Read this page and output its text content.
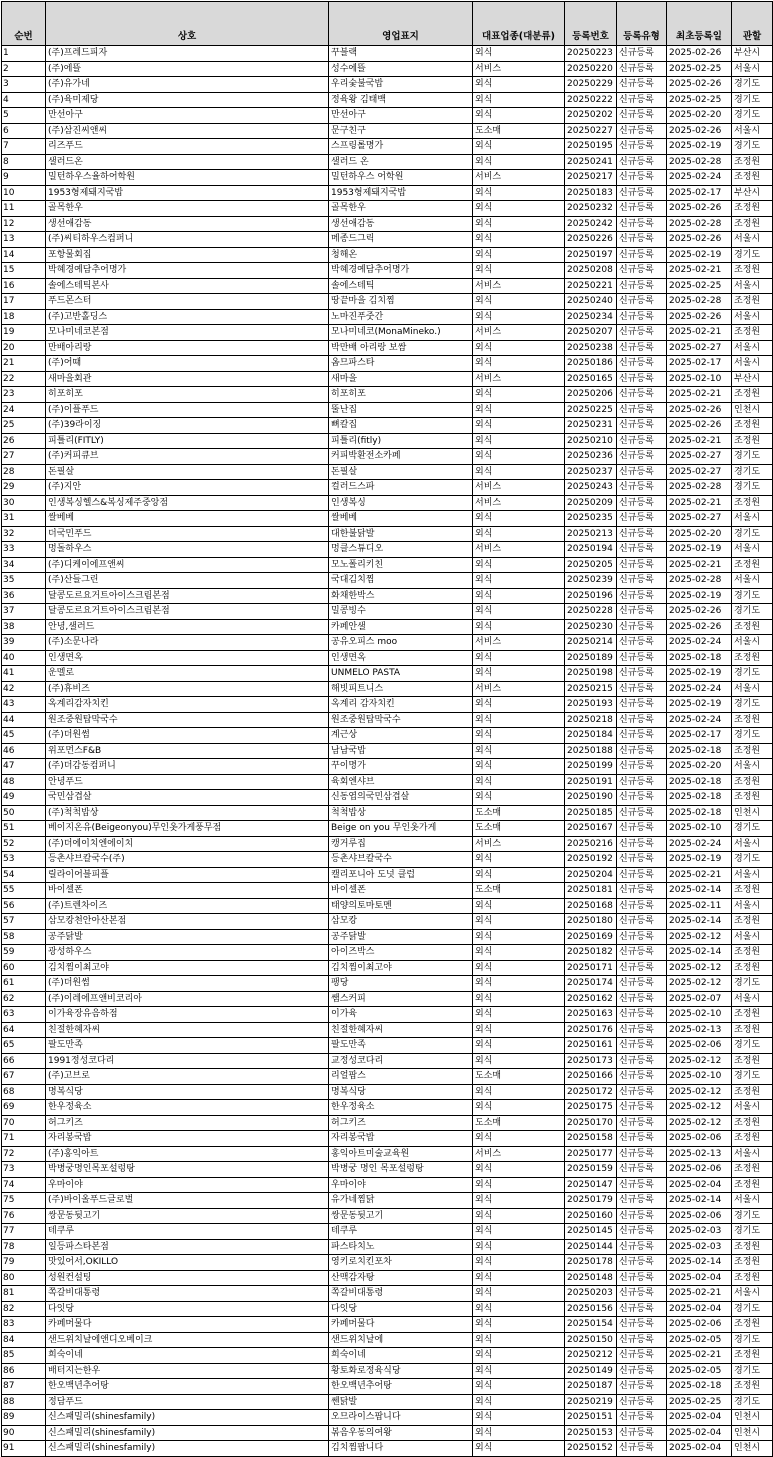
순번	상호	영업표지	대표업종(대분류)	등록번호	등록유형	최초등록일	관할
1	(주)프레드피자	꾸블랙	외식	20250223	신규등록	2025-02-26	부산시
2	(주)에뜰	성수에뜰	서비스	20250220	신규등록	2025-02-25	서울시
3	(주)유가네	우리숯불국밥	외식	20250229	신규등록	2025-02-26	경기도
4	(주)육미제당	정육왕 김태백	외식	20250222	신규등록	2025-02-25	경기도
5	만선아구	만선아구	외식	20250202	신규등록	2025-02-20	경기도
6	(주)삼진씨앤씨	문구친구	도소매	20250227	신규등록	2025-02-26	서울시
7	리즈푸드	스프링롤명가	외식	20250195	신규등록	2025-02-19	경기도
8	샐러드온	샐러드 온	외식	20250241	신규등록	2025-02-28	조정원
9	밀턴하우스율하어학원	밀턴하우스 어학원	서비스	20250217	신규등록	2025-02-24	조정원
10	1953형제돼지국밥	1953형제돼지국밥	외식	20250183	신규등록	2025-02-17	부산시
11	골목한우	골목한우	외식	20250232	신규등록	2025-02-26	조정원
12	생선애감동	생선애감동	외식	20250242	신규등록	2025-02-28	조정원
13	(주)씨티하우스컴퍼니	메종드그릭	외식	20250226	신규등록	2025-02-26	서울시
14	포항물회집	청해온	외식	20250197	신규등록	2025-02-19	경기도
15	박혜경예담추어명가	박혜경예담추어명가	외식	20250208	신규등록	2025-02-21	조정원
16	솔에스테틱본사	솔에스테틱	서비스	20250221	신규등록	2025-02-25	서울시
17	푸드몬스터	땅끝마을 김치찜	외식	20250240	신규등록	2025-02-28	조정원
18	(주)고반홀딩스	노마진푸줏간	외식	20250234	신규등록	2025-02-26	서울시
19	모나미네코본점	모나미네코(MonaMineko.)	서비스	20250207	신규등록	2025-02-21	조정원
20	만배아리랑	박만배 아리랑 보쌈	외식	20250238	신규등록	2025-02-27	서울시
21	(주)어때	옴므파스타	외식	20250186	신규등록	2025-02-17	서울시
22	새마을회관	새마을	서비스	20250165	신규등록	2025-02-10	부산시
23	히포히포	히포히포	외식	20250206	신규등록	2025-02-21	조정원
24	(주)이플푸드	뚤난집	외식	20250225	신규등록	2025-02-26	인천시
25	(주)39라이징	뼈칼집	외식	20250231	신규등록	2025-02-26	조정원
26	피틀리(FITLY)	피틀리(fitly)	외식	20250210	신규등록	2025-02-21	조정원
27	(주)커피큐브	커피박환전소카페	외식	20250236	신규등록	2025-02-27	경기도
28	돈필살	돈필살	외식	20250237	신규등록	2025-02-27	경기도
29	(주)지안	컬러드스파	서비스	20250243	신규등록	2025-02-28	경기도
30	인생복싱헬스&복싱제주중앙점	인생복싱	서비스	20250209	신규등록	2025-02-21	조정원
31	쌀베베	쌀베베	외식	20250235	신규등록	2025-02-27	서울시
32	더국민푸드	대한불닭발	외식	20250213	신규등록	2025-02-20	경기도
33	멍돌하우스	멍클스튜디오	서비스	20250194	신규등록	2025-02-19	서울시
34	(주)디케이에프앤씨	모노폴리키친	외식	20250205	신규등록	2025-02-21	조정원
35	(주)산들그린	국대김치찜	외식	20250239	신규등록	2025-02-28	서울시
36	달콩도르요거트아이스크림본점	화채한박스	외식	20250196	신규등록	2025-02-19	경기도
37	달콩도르요거트아이스크림본점	밀콩빙수	외식	20250228	신규등록	2025-02-26	경기도
38	안녕,샐러드	카페안샐	외식	20250230	신규등록	2025-02-26	조정원
39	(주)소문나라	공유오피스 moo	서비스	20250214	신규등록	2025-02-24	서울시
40	인생면옥	인생면옥	외식	20250189	신규등록	2025-02-18	조정원
41	운멜로	UNMELO PASTA	외식	20250198	신규등록	2025-02-19	경기도
42	(주)휴비즈	해빗피트니스	서비스	20250215	신규등록	2025-02-24	서울시
43	옥계리감자치킨	옥계리 감자치킨	외식	20250193	신규등록	2025-02-19	경기도
44	원조중원탑막국수	원조중원탑막국수	외식	20250218	신규등록	2025-02-24	조정원
45	(주)더원썸	계근상	외식	20250184	신규등록	2025-02-17	경기도
46	위포먼스F&B	남남국밥	외식	20250188	신규등록	2025-02-18	조정원
47	(주)더감동컴퍼니	꾸이명가	외식	20250199	신규등록	2025-02-20	서울시
48	안녕푸드	육회엔샤브	외식	20250191	신규등록	2025-02-18	조정원
49	국민삼겹살	신동엽의국민삼겹살	외식	20250190	신규등록	2025-02-18	조정원
50	(주)척척밥상	척척밥상	도소매	20250185	신규등록	2025-02-18	인천시
51	베이지온유(Beigeonyou)무인옷가게풍무점	Beige on you 무인옷가게	도소매	20250167	신규등록	2025-02-10	경기도
52	(주)더에이치엔에이치	캥거루집	서비스	20250216	신규등록	2025-02-24	서울시
53	등촌샤브칼국수(주)	등촌샤브칼국수	외식	20250192	신규등록	2025-02-19	경기도
54	릴라이어블피플	캘리포니아 도넛 클럽	외식	20250204	신규등록	2025-02-21	서울시
55	바이셀폰	바이셀폰	도소매	20250181	신규등록	2025-02-14	조정원
56	(주)트렌차이즈	태양의토마토멘	외식	20250168	신규등록	2025-02-11	서울시
57	삼모캉천안아산본점	삼모캉	외식	20250180	신규등록	2025-02-14	조정원
58	공주닭발	공주닭발	외식	20250169	신규등록	2025-02-12	서울시
59	광성하우스	아이즈박스	외식	20250182	신규등록	2025-02-14	조정원
60	김치찜이최고야	김치찜이최고야	외식	20250171	신규등록	2025-02-12	조정원
61	(주)더원썸	팽당	외식	20250174	신규등록	2025-02-12	경기도
62	(주)이레에프앤비코리아	쌤스커피	외식	20250162	신규등록	2025-02-07	서울시
63	이가육장유음하점	이가육	외식	20250163	신규등록	2025-02-10	조정원
64	친절한혜자씨	친절한혜자씨	외식	20250176	신규등록	2025-02-13	조정원
65	팔도만족	팔도만족	외식	20250161	신규등록	2025-02-06	경기도
66	1991정성코다리	교정성코다리	외식	20250173	신규등록	2025-02-12	조정원
67	(주)고브로	리얼팝스	도소매	20250166	신규등록	2025-02-10	경기도
68	명복식당	명복식당	외식	20250172	신규등록	2025-02-12	조정원
69	한우정육소	한우정육소	외식	20250175	신규등록	2025-02-12	서울시
70	허그키즈	허그키즈	도소매	20250170	신규등록	2025-02-12	조정원
71	자리봉국밥	자리봉국밥	외식	20250158	신규등록	2025-02-06	조정원
72	(주)홍익아트	홍익아트미술교육원	서비스	20250177	신규등록	2025-02-13	서울시
73	박병궁명인목포설렁탕	박병궁 명인 목포설렁탕	외식	20250159	신규등록	2025-02-06	조정원
74	우마이야	우마이야	외식	20250147	신규등록	2025-02-04	조정원
75	(주)바이올푸드글로벌	유가네찜닭	외식	20250179	신규등록	2025-02-14	서울시
76	쌍문동뒷고기	쌍문동뒷고기	외식	20250160	신규등록	2025-02-06	경기도
77	테쿠루	테쿠루	외식	20250145	신규등록	2025-02-03	경기도
78	일등파스타본점	파스타치노	외식	20250144	신규등록	2025-02-03	조정원
79	맛있어서,OKILLO	영키로치킨포차	외식	20250178	신규등록	2025-02-14	조정원
80	성원컨설팅	산맥감자탕	외식	20250148	신규등록	2025-02-04	조정원
81	쪽갈비대통령	쪽갈비대통령	외식	20250203	신규등록	2025-02-21	서울시
82	다잇당	다잇당	외식	20250156	신규등록	2025-02-04	경기도
83	카페머물다	카페머물다	외식	20250154	신규등록	2025-02-06	조정원
84	샌드위치날에앤디오베이크	샌드위치날에	외식	20250150	신규등록	2025-02-05	경기도
85	희숙이네	희숙이네	외식	20250212	신규등록	2025-02-21	조정원
86	배터지는한우	황토화로정육식당	외식	20250149	신규등록	2025-02-05	경기도
87	한오백년추어탕	한오백년추어탕	외식	20250187	신규등록	2025-02-18	조정원
88	정담푸드	쎈닭발	외식	20250219	신규등록	2025-02-25	경기도
89	신스패밀리(shinesfamily)	오므라이스팝니다	외식	20250151	신규등록	2025-02-04	인천시
90	신스패밀리(shinesfamily)	볶음우동의여왕	외식	20250153	신규등록	2025-02-04	인천시
91	신스패밀리(shinesfamily)	김치찜팝니다	외식	20250152	신규등록	2025-02-04	인천시
